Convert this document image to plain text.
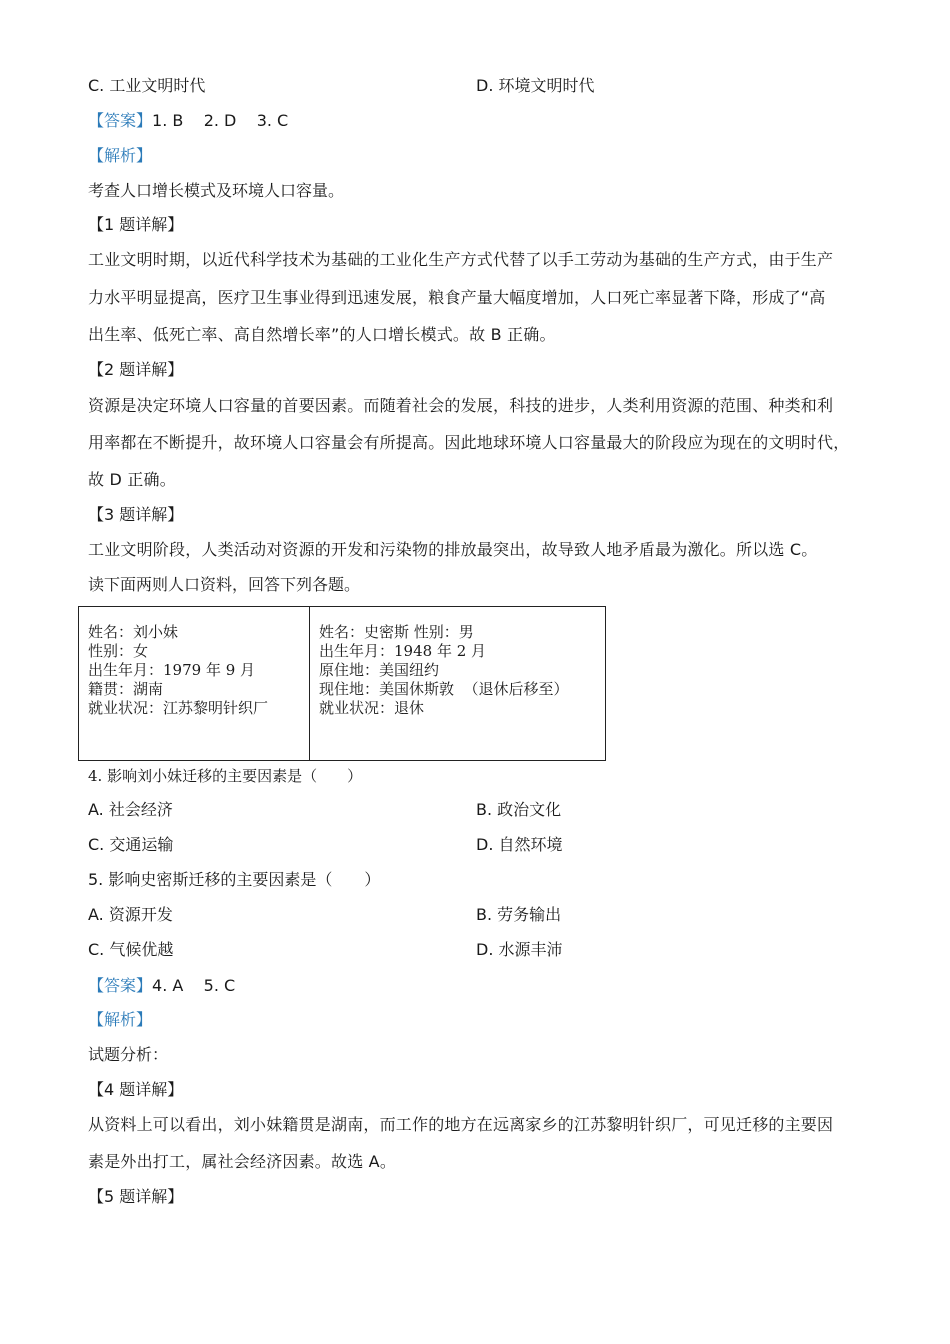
C. 工业文明时代	D. 环境文明时代
【答案】1. B    2. D    3. C
【解析】
考查人口增长模式及环境人口容量。
【1 题详解】
工业文明时期，以近代科学技术为基础的工业化生产方式代替了以手工劳动为基础的生产方式，由于生产
力水平明显提高，医疗卫生事业得到迅速发展，粮食产量大幅度增加，人口死亡率显著下降，形成了“高
出生率、低死亡率、高自然增长率”的人口增长模式。故 B 正确。
【2 题详解】
资源是决定环境人口容量的首要因素。而随着社会的发展，科技的进步，人类利用资源的范围、种类和利
用率都在不断提升，故环境人口容量会有所提高。因此地球环境人口容量最大的阶段应为现在的文明时代，
故 D 正确。
【3 题详解】
工业文明阶段，人类活动对资源的开发和污染物的排放最突出，故导致人地矛盾最为激化。所以选 C。
读下面两则人口资料，回答下列各题。
姓名：刘小妹
性别：女
出生年月：1979 年 9 月
籍贯：湖南
就业状况：江苏黎明针织厂

姓名：史密斯 性别：男
出生年月：1948 年 2 月
原住地：美国纽约
现住地：美国休斯敦  （退休后移至）
就业状况：退休
4. 影响刘小妹迁移的主要因素是（　　）
A. 社会经济	B. 政治文化
C. 交通运输	D. 自然环境
5. 影响史密斯迁移的主要因素是（　　）
A. 资源开发	B. 劳务输出
C. 气候优越	D. 水源丰沛
【答案】4. A    5. C
【解析】
试题分析：
【4 题详解】
从资料上可以看出，刘小妹籍贯是湖南，而工作的地方在远离家乡的江苏黎明针织厂，可见迁移的主要因
素是外出打工，属社会经济因素。故选 A。
【5 题详解】
